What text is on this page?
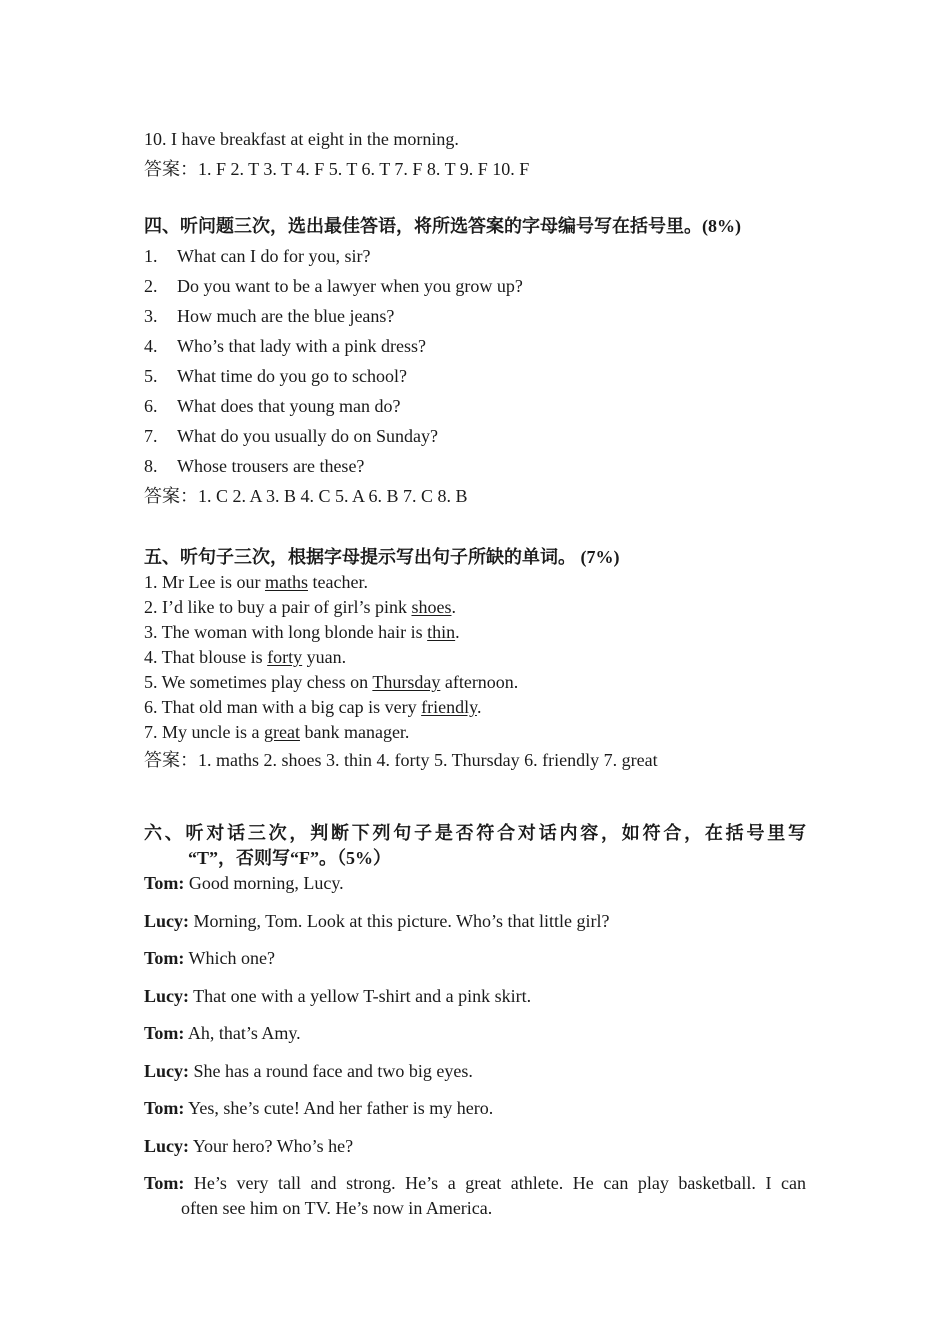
10. I have breakfast at eight in the morning.
答案：1. F 2. T 3. T 4. F 5. T 6. T 7. F 8. T 9. F 10. F
四、听问题三次，选出最佳答语，将所选答案的字母编号写在括号里。(8%)
1. What can I do for you, sir?
2. Do you want to be a lawyer when you grow up?
3. How much are the blue jeans?
4. Who’s that lady with a pink dress?
5. What time do you go to school?
6. What does that young man do?
7. What do you usually do on Sunday?
8. Whose trousers are these?
答案：1. C 2. A 3. B 4. C 5. A 6. B 7. C 8. B
五、听句子三次，根据字母提示写出句子所缺的单词。 (7%)
1. Mr Lee is our maths teacher.
2. I’d like to buy a pair of girl’s pink shoes.
3. The woman with long blonde hair is thin.
4. That blouse is forty yuan.
5. We sometimes play chess on Thursday afternoon.
6. That old man with a big cap is very friendly.
7. My uncle is a great bank manager.
答案：1. maths 2. shoes 3. thin 4. forty 5. Thursday 6. friendly 7. great
六、听对话三次，判断下列句子是否符合对话内容，如符合，在括号里写
“T”，否则写“F”。（5%）

Tom: Good morning, Lucy.

Lucy: Morning, Tom. Look at this picture. Who’s that little girl?

Tom: Which one?

Lucy: That one with a yellow T-shirt and a pink skirt.

Tom: Ah, that’s Amy.

Lucy: She has a round face and two big eyes.

Tom: Yes, she’s cute! And her father is my hero.

Lucy: Your hero? Who’s he?

Tom: He’s very tall and strong. He’s a great athlete. He can play basketball. I can
often see him on TV. He’s now in America.
